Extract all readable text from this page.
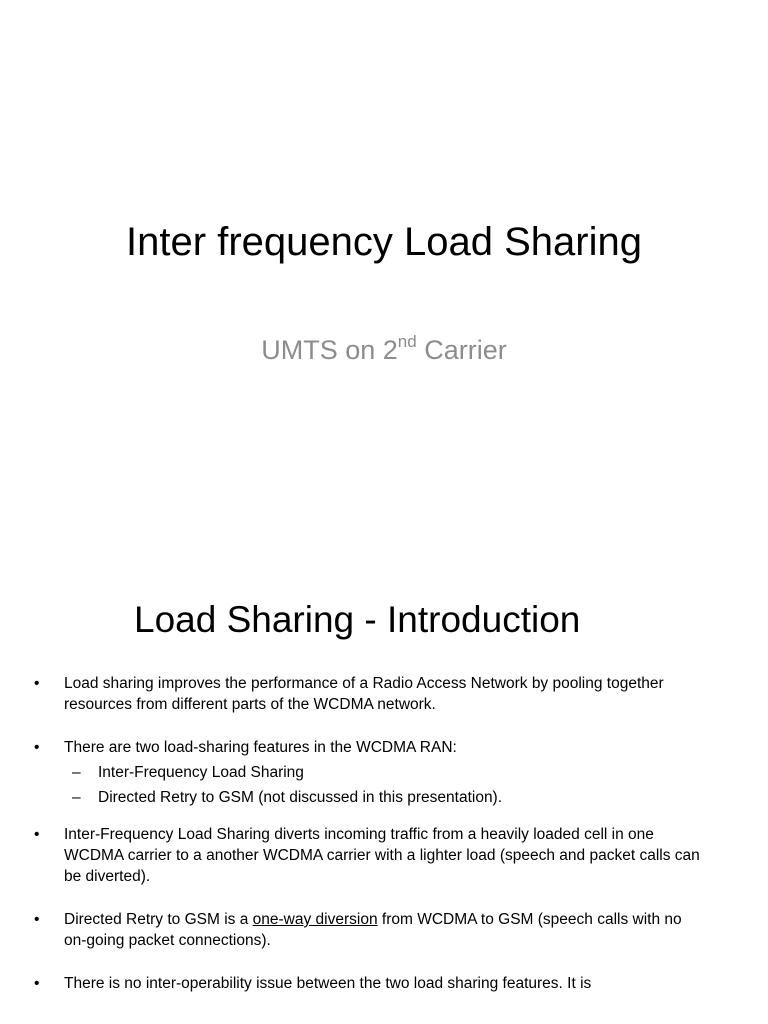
Inter frequency Load Sharing
UMTS on 2nd Carrier
Load Sharing - Introduction
• Load sharing improves the performance of a Radio Access Network by pooling together resources from different parts of the WCDMA network.
• There are two load-sharing features in the WCDMA RAN:
– Inter-Frequency Load Sharing
– Directed Retry to GSM (not discussed in this presentation).
• Inter-Frequency Load Sharing diverts incoming traffic from a heavily loaded cell in one WCDMA carrier to a another WCDMA carrier with a lighter load (speech and packet calls can be diverted).
• Directed Retry to GSM is a one-way diversion from WCDMA to GSM (speech calls with no on-going packet connections).
• There is no inter-operability issue between the two load sharing features. It is
